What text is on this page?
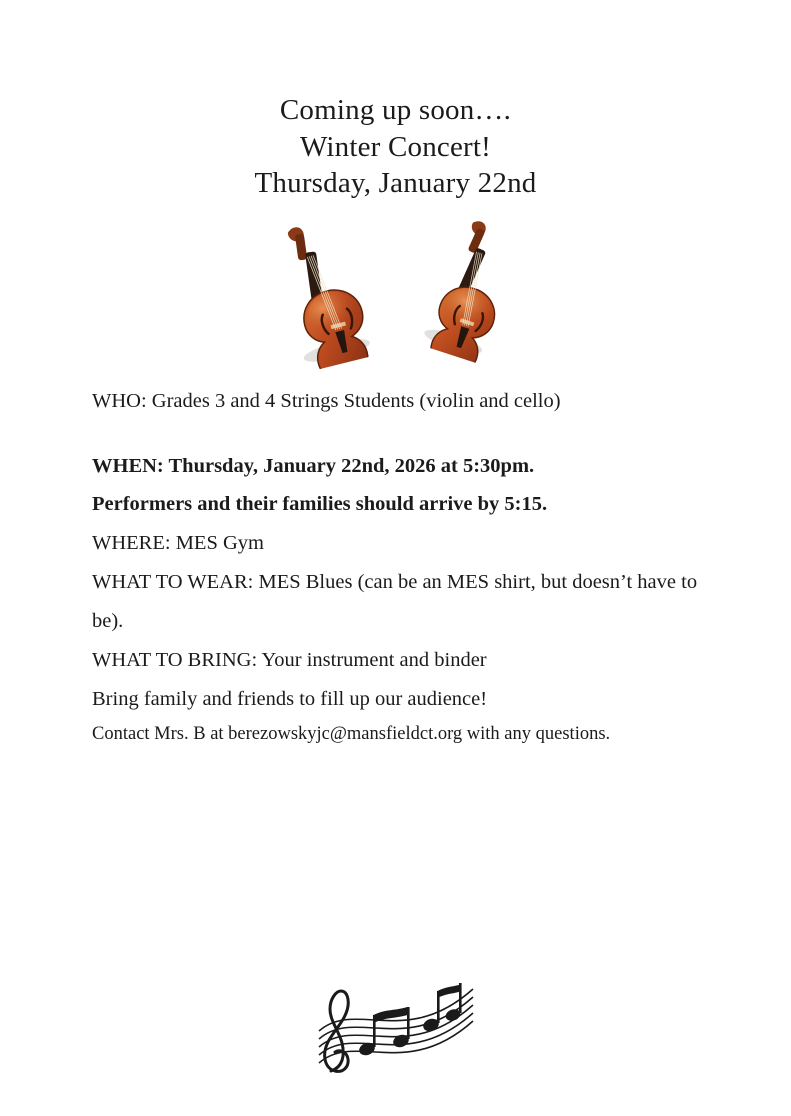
Coming up soon….
Winter Concert!
Thursday, January 22nd

WHO: Grades 3 and 4 Strings Students (violin and cello)

WHEN: Thursday, January 22nd, 2026 at 5:30pm.

Performers and their families should arrive by 5:15.

WHERE: MES Gym

WHAT TO WEAR: MES Blues (can be an MES shirt, but doesn’t have to be).

WHAT TO BRING: Your instrument and binder

Bring family and friends to fill up our audience!

Contact Mrs. B at berezowskyjc@mansfieldct.org with any questions.
